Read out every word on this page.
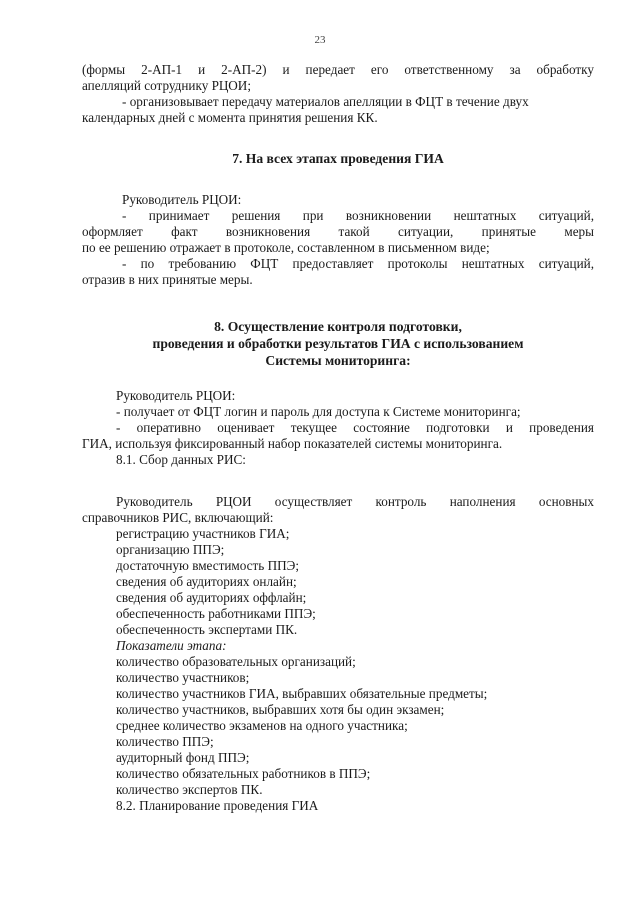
23
(формы 2-АП-1 и 2-АП-2) и передает его ответственному за обработку
апелляций сотруднику РЦОИ;
- организовывает передачу материалов апелляции в ФЦТ в течение двух
календарных дней с момента принятия решения КК.
7. На всех этапах проведения ГИА
Руководитель РЦОИ:
- принимает решения при возникновении нештатных ситуаций,
оформляет факт возникновения такой ситуации, принятые меры
по ее решению отражает в протоколе, составленном в письменном виде;
- по требованию ФЦТ предоставляет протоколы нештатных ситуаций,
отразив в них принятые меры.
8. Осуществление контроля подготовки,
проведения и обработки результатов ГИА с использованием
Системы мониторинга:
Руководитель РЦОИ:
- получает от ФЦТ логин и пароль для доступа к Системе мониторинга;
- оперативно оценивает текущее состояние подготовки и проведения
ГИА, используя фиксированный набор показателей системы мониторинга.
8.1. Сбор данных РИС:
Руководитель РЦОИ осуществляет контроль наполнения основных
справочников РИС, включающий:
регистрацию участников ГИА;
организацию ППЭ;
достаточную вместимость ППЭ;
сведения об аудиториях онлайн;
сведения об аудиториях оффлайн;
обеспеченность работниками ППЭ;
обеспеченность экспертами ПК.
Показатели этапа:
количество образовательных организаций;
количество участников;
количество участников ГИА, выбравших обязательные предметы;
количество участников, выбравших хотя бы один экзамен;
среднее количество экзаменов на одного участника;
количество ППЭ;
аудиторный фонд ППЭ;
количество обязательных работников в ППЭ;
количество экспертов ПК.
8.2. Планирование проведения ГИА
